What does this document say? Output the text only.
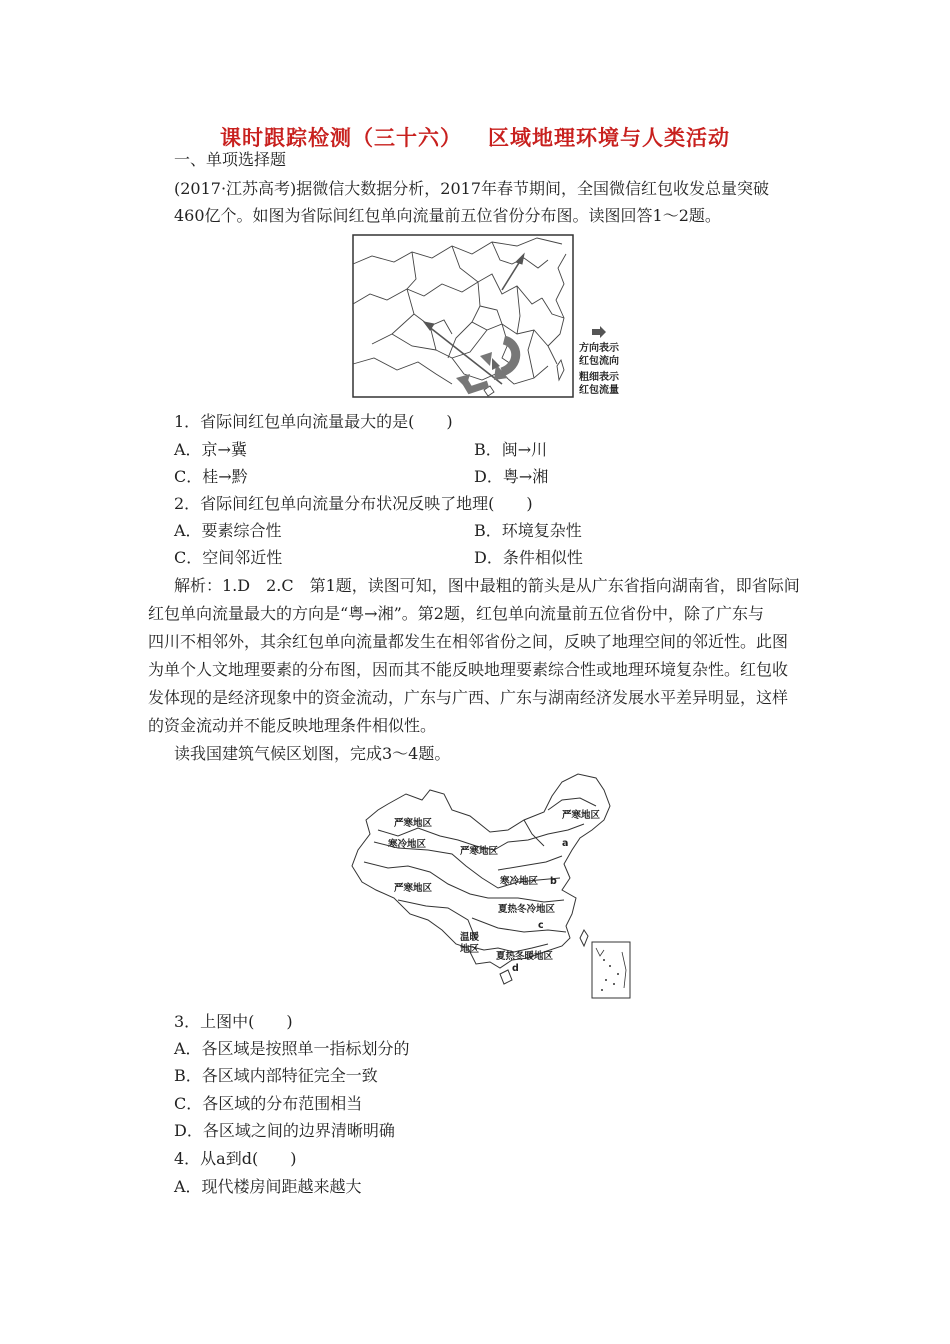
课时跟踪检测（三十六） 区域地理环境与人类活动
一、单项选择题
(2017·江苏高考)据微信大数据分析，2017年春节期间，全国微信红包收发总量突破
460亿个。如图为省际间红包单向流量前五位省份分布图。读图回答1～2题。
方向表示
红包流向
粗细表示
红包流量
1．省际间红包单向流量最大的是(　　)
A．京→冀	B．闽→川
C．桂→黔	D．粤→湘
2．省际间红包单向流量分布状况反映了地理(　　)
A．要素综合性	B．环境复杂性
C．空间邻近性	D．条件相似性
解析：1.D　2.C　第1题，读图可知，图中最粗的箭头是从广东省指向湖南省，即省际间
红包单向流量最大的方向是“粤→湘”。第2题，红包单向流量前五位省份中，除了广东与
四川不相邻外，其余红包单向流量都发生在相邻省份之间，反映了地理空间的邻近性。此图
为单个人文地理要素的分布图，因而其不能反映地理要素综合性或地理环境复杂性。红包收
发体现的是经济现象中的资金流动，广东与广西、广东与湖南经济发展水平差异明显，这样
的资金流动并不能反映地理条件相似性。
读我国建筑气候区划图，完成3～4题。
严寒地区
严寒地区
寒冷地区
严寒地区
严寒地区
寒冷地区
夏热冬冷地区
温暖
地区
夏热冬暖地区
a
b
c
d
3．上图中(　　)
A．各区域是按照单一指标划分的
B．各区域内部特征完全一致
C．各区域的分布范围相当
D．各区域之间的边界清晰明确
4．从a到d(　　)
A．现代楼房间距越来越大
